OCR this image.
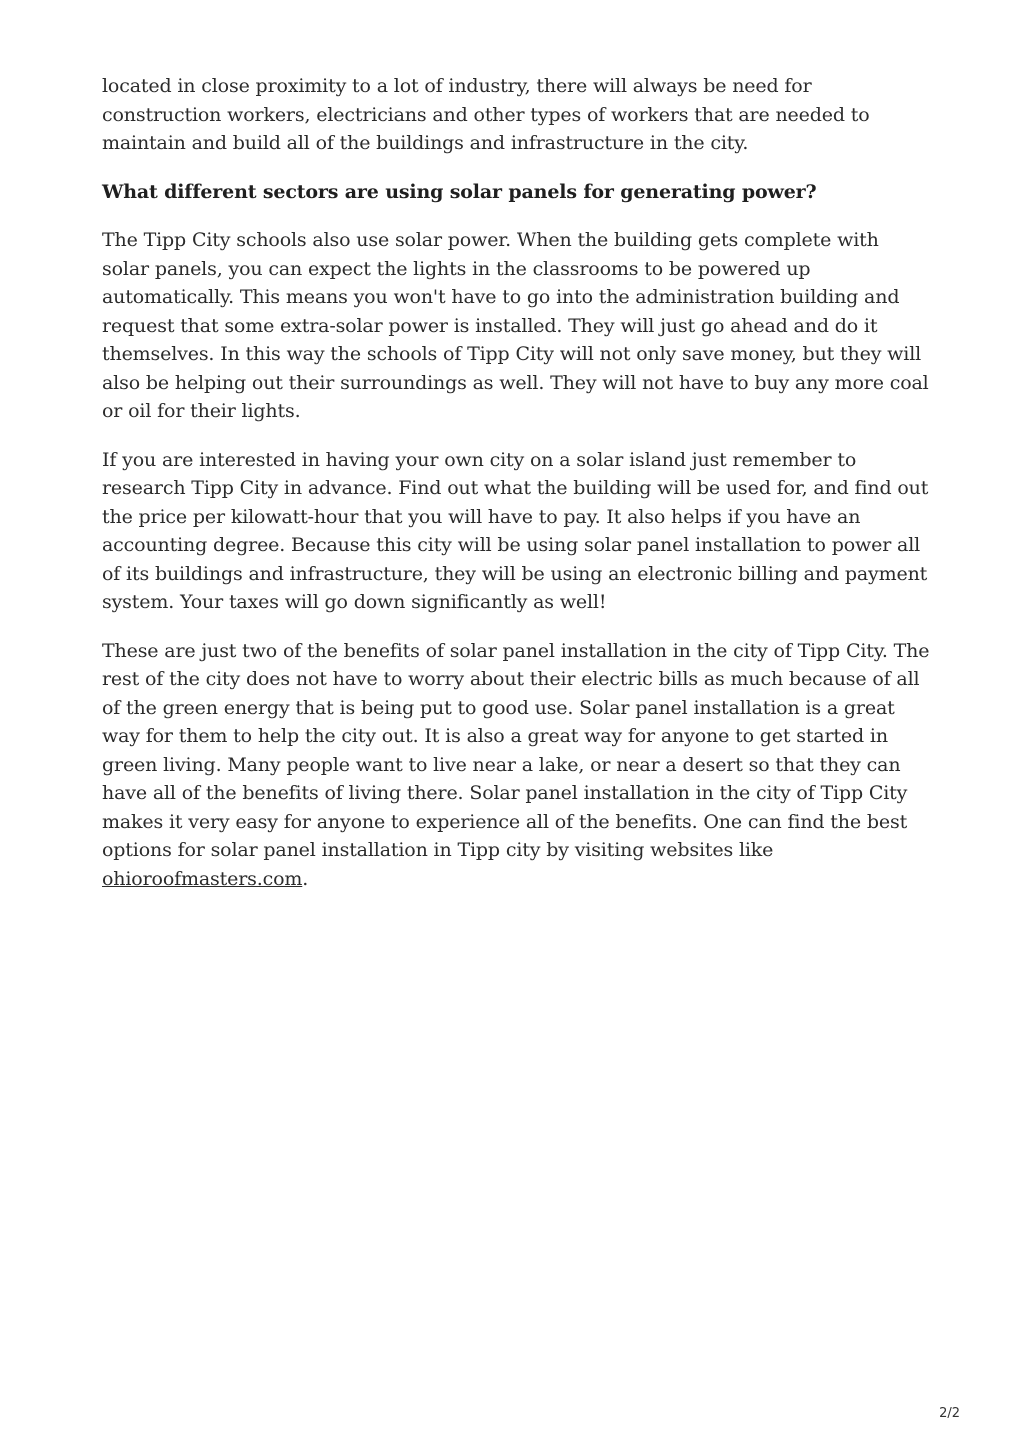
located in close proximity to a lot of industry, there will always be need for construction workers, electricians and other types of workers that are needed to maintain and build all of the buildings and infrastructure in the city.

What different sectors are using solar panels for generating power?

The Tipp City schools also use solar power. When the building gets complete with solar panels, you can expect the lights in the classrooms to be powered up automatically. This means you won't have to go into the administration building and request that some extra-solar power is installed. They will just go ahead and do it themselves. In this way the schools of Tipp City will not only save money, but they will also be helping out their surroundings as well. They will not have to buy any more coal or oil for their lights.

If you are interested in having your own city on a solar island just remember to research Tipp City in advance. Find out what the building will be used for, and find out the price per kilowatt-hour that you will have to pay. It also helps if you have an accounting degree. Because this city will be using solar panel installation to power all of its buildings and infrastructure, they will be using an electronic billing and payment system. Your taxes will go down significantly as well!

These are just two of the benefits of solar panel installation in the city of Tipp City. The rest of the city does not have to worry about their electric bills as much because of all of the green energy that is being put to good use. Solar panel installation is a great way for them to help the city out. It is also a great way for anyone to get started in green living. Many people want to live near a lake, or near a desert so that they can have all of the benefits of living there. Solar panel installation in the city of Tipp City makes it very easy for anyone to experience all of the benefits. One can find the best options for solar panel installation in Tipp city by visiting websites like ohioroofmasters.com.

2/2
